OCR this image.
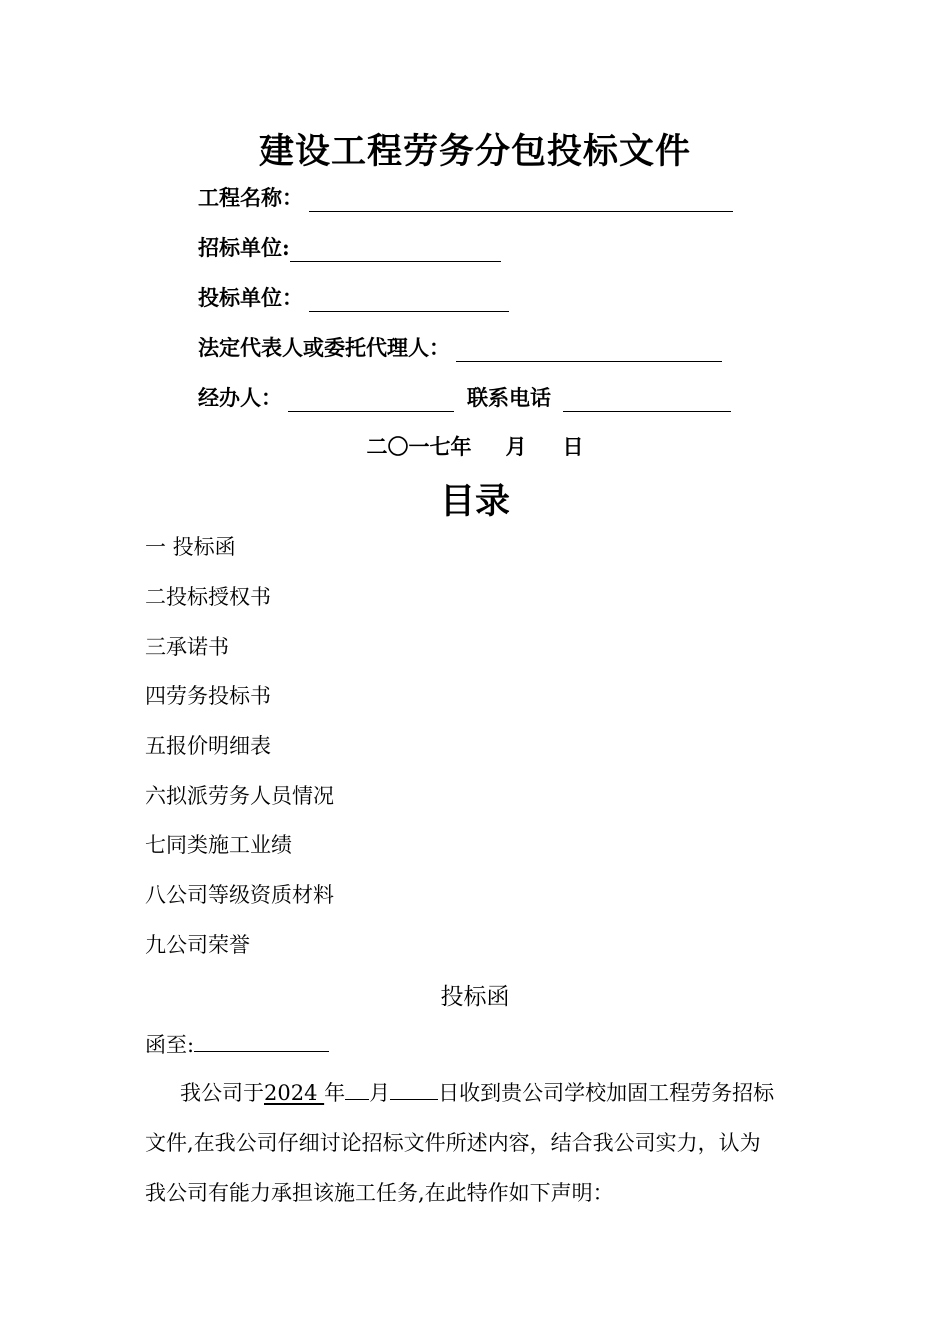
建设工程劳务分包投标文件
工程名称：
招标单位:
投标单位：
法定代表人或委托代理人：
经办人：	联系电话
二〇一七年 月 日
目录
一 投标函
二投标授权书
三承诺书
四劳务投标书
五报价明细表
六拟派劳务人员情况
七同类施工业绩
八公司等级资质材料
九公司荣誉
投标函
函至:
我公司于2024 年 月 日收到贵公司学校加固工程劳务招标
文件,在我公司仔细讨论招标文件所述内容，结合我公司实力，认为
我公司有能力承担该施工任务,在此特作如下声明：
